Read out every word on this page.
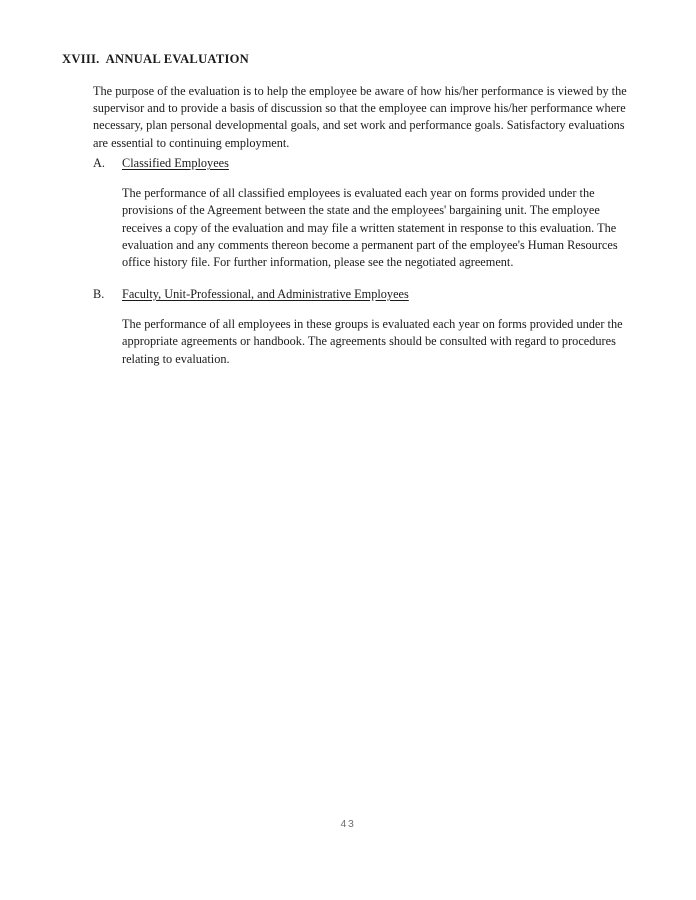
XVIII.  ANNUAL EVALUATION
The purpose of the evaluation is to help the employee be aware of how his/her performance is viewed by the supervisor and to provide a basis of discussion so that the employee can improve his/her performance where necessary, plan personal developmental goals, and set work and performance goals. Satisfactory evaluations are essential to continuing employment.
A. Classified Employees
The performance of all classified employees is evaluated each year on forms provided under the provisions of the Agreement between the state and the employees' bargaining unit. The employee receives a copy of the evaluation and may file a written statement in response to this evaluation. The evaluation and any comments thereon become a permanent part of the employee's Human Resources office history file. For further information, please see the negotiated agreement.
B. Faculty, Unit-Professional, and Administrative Employees
The performance of all employees in these groups is evaluated each year on forms provided under the appropriate agreements or handbook. The agreements should be consulted with regard to procedures relating to evaluation.
43
